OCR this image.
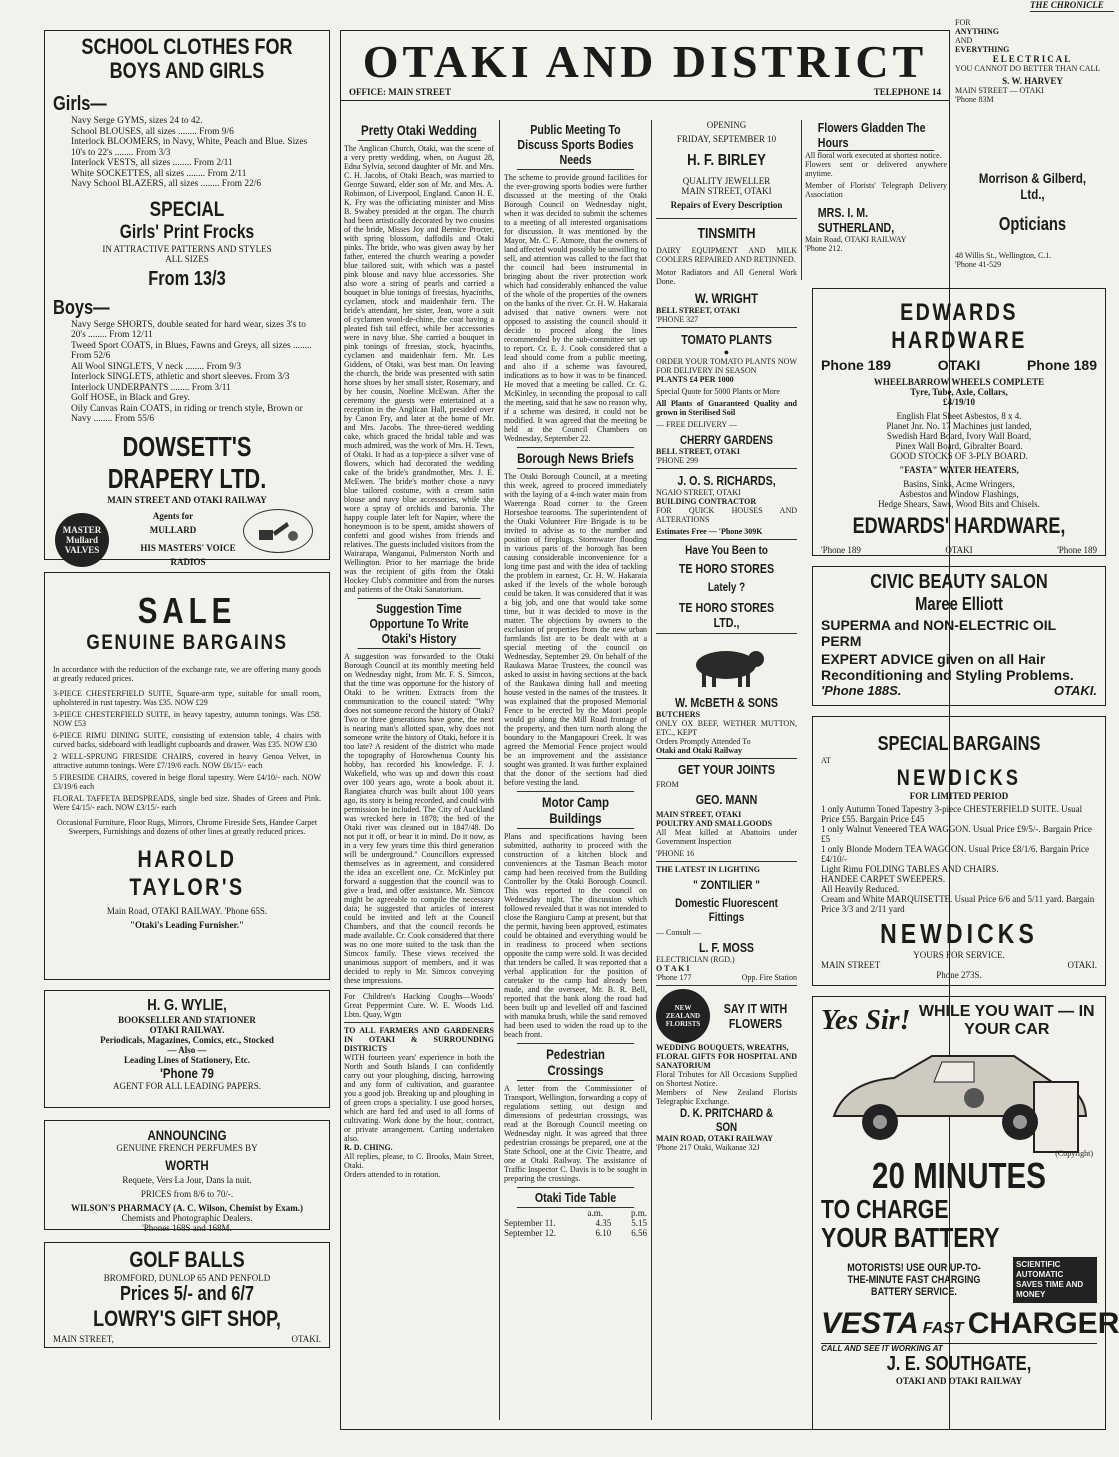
THE CHRONICLE
SCHOOL CLOTHES FOR BOYS AND GIRLS
Girls—
Navy Serge GYMS, sizes 24 to 42.
School BLOUSES, all sizes ........ From 9/6
Interlock BLOOMERS, in Navy, White, Peach and Blue. Sizes 10's to 22's ........ From 3/3
Interlock VESTS, all sizes ........ From 2/11
White SOCKETTES, all sizes ........ From 2/11
Navy School BLAZERS, all sizes ........ From 22/6
SPECIAL
Girls' Print Frocks
IN ATTRACTIVE PATTERNS AND STYLES
ALL SIZES
From 13/3
Boys—
Navy Serge SHORTS, double seated for hard wear, sizes 3's to 20's ........ From 12/11
Tweed Sport COATS, in Blues, Fawns and Greys, all sizes ........ From 52/6
All Wool SINGLETS, V neck ........ From 9/3
Interlock SINGLETS, athletic and short sleeves. From 3/3
Interlock UNDERPANTS ........ From 3/11
Golf HOSE, in Black and Grey.
Oily Canvas Rain COATS, in riding or trench style, Brown or Navy ........ From 55/6
DOWSETT'S DRAPERY LTD.
MAIN STREET AND OTAKI RAILWAY
MASTER Mullard VALVES
Agents for
MULLARD
HIS MASTERS' VOICE
RADIOS
SALE
GENUINE BARGAINS
In accordance with the reduction of the exchange rate, we are offering many goods at greatly reduced prices.
3-PIECE CHESTERFIELD SUITE, Square-arm type, suitable for small room, upholstered in rust tapestry. Was £35. NOW £29
3-PIECE CHESTERFIELD SUITE, in heavy tapestry, autumn tonings. Was £58. NOW £53
6-PIECE RIMU DINING SUITE, consisting of extension table, 4 chairs with curved backs, sideboard with leadlight cupboards and drawer. Was £35. NOW £30
2 WELL-SPRUNG FIRESIDE CHAIRS, covered in heavy Genoa Velvet, in attractive autumn tonings. Were £7/19/6 each. NOW £6/15/- each
5 FIRESIDE CHAIRS, covered in beige floral tapestry. Were £4/10/- each. NOW £3/19/6 each
FLORAL TAFFETA BEDSPREADS, single bed size. Shades of Green and Pink. Were £4/15/- each. NOW £3/15/- each
Occasional Furniture, Floor Rugs, Mirrors, Chrome Fireside Sets, Handee Carpet Sweepers, Furnishings and dozens of other lines at greatly reduced prices.
HAROLD TAYLOR'S
Main Road, OTAKI RAILWAY. 'Phone 65S.
"Otaki's Leading Furnisher."
H. G. WYLIE,
BOOKSELLER AND STATIONER
OTAKI RAILWAY.
Periodicals, Magazines, Comics, etc., Stocked
— Also —
Leading Lines of Stationery, Etc.
'Phone 79
AGENT FOR ALL LEADING PAPERS.
ANNOUNCING
GENUINE FRENCH PERFUMES BY
WORTH
Requete, Vers La Jour, Dans la nuit.
PRICES from 8/6 to 70/-.
WILSON'S PHARMACY (A. C. Wilson, Chemist by Exam.)
Chemists and Photographic Dealers.
'Phones 168S and 168M.
GOLF BALLS
BROMFORD, DUNLOP 65 AND PENFOLD
Prices 5/- and 6/7
LOWRY'S GIFT SHOP,
MAIN STREET,	OTAKI.
OTAKI AND DISTRICT
OFFICE: MAIN STREET	TELEPHONE 14
Pretty Otaki Wedding
The Anglican Church, Otaki, was the scene of a very pretty wedding, when, on August 28, Edna Sylvia, second daughter of Mr. and Mrs. C. H. Jacobs, of Otaki Beach, was married to George Suward, elder son of Mr. and Mrs. A. Robinson, of Liverpool, England. Canon H. E. K. Fry was the officiating minister and Miss B. Swabey presided at the organ. The church had been artistically decorated by two cousins of the bride, Misses Joy and Bernice Procter, with spring blossom, daffodils and Otaki pinks. The bride, who was given away by her father, entered the church wearing a powder blue tailored suit, with which was a pastel pink blouse and navy blue accessories. She also wore a string of pearls and carried a bouquet in blue tonings of freesias, hyacinths, cyclamen, stock and maidenhair fern. The bride's attendant, her sister, Jean, wore a suit of cyclamen wool-de-chine, the coat having a pleated fish tail effect, while her accessories were in navy blue. She carried a bouquet in pink tonings of freesias, stock, hyacinths, cyclamen and maidenhair fern. Mr. Les Giddens, of Otaki, was best man. On leaving the church, the bride was presented with satin horse shoes by her small sister, Rosemary, and by her cousin, Noeline McEwan. After the ceremony the guests were entertained at a reception in the Anglican Hall, presided over by Canon Fry, and later at the home of Mr. and Mrs. Jacobs. The three-tiered wedding cake, which graced the bridal table and was much admired, was the work of Mrs. H. Tews, of Otaki. It had as a top-piece a silver vase of flowers, which had decorated the wedding cake of the bride's grandmother, Mrs. J. E. McEwen. The bride's mother chose a navy blue tailored costume, with a cream satin blouse and navy blue accessories, while she wore a spray of orchids and baronia. The happy couple later left for Napier, where the honeymoon is to be spent, amidst showers of confetti and good wishes from friends and relatives. The guests included visitors from the Wairarapa, Wanganui, Palmerston North and Wellington. Prior to her marriage the bride was the recipient of gifts from the Otaki Hockey Club's committee and from the nurses and patients of the Otaki Sanatorium.
Suggestion Time Opportune To Write Otaki's History
A suggestion was forwarded to the Otaki Borough Council at its monthly meeting held on Wednesday night, from Mr. F. S. Simcox, that the time was opportune for the history of Otaki to be written. Extracts from the communication to the council stated: "Why does not someone record the history of Otaki? Two or three generations have gone, the next is nearing man's allotted span, why does not someone write the history of Otaki, before it is too late? A resident of the district who made the topography of Horowhenua County his hobby, has recorded his knowledge. F. J. Wakefield, who was up and down this coast over 100 years ago, wrote a book about it. Rangiatea church was built about 100 years ago, its story is being recorded, and could with permission be included. The City of Auckland was wrecked here in 1878; the bed of the Otaki river was cleaned out in 1847/48. Do not put it off, or bear it in mind. Do it now, as in a very few years time this third generation will be underground." Councillors expressed themselves as in agreement, and considered the idea an excellent one. Cr. McKinley put forward a suggestion that the council was to give a lead, and offer assistance. Mr. Simcox might be agreeable to compile the necessary data; he suggested that articles of interest could be invited and left at the Council Chambers, and that the council records be made available. Cr. Cook considered that there was no one more suited to the task than the Simcox family. These views received the unanimous support of members, and it was decided to reply to Mr. Simcox conveying these impressions.
For Children's Hacking Coughs—Woods' Great Peppermint Cure. W. E. Woods Ltd. Lbtn. Quay, Wgtn
TO ALL FARMERS AND GARDENERS IN OTAKI & SURROUNDING DISTRICTS
WITH fourteen years' experience in both the North and South Islands I can confidently carry out your ploughing, discing, harrowing and any form of cultivation, and guarantee you a good job. Breaking up and ploughing in of green crops a speciality. I use good horses, which are hard fed and used to all forms of cultivating. Work done by the hour, contract, or private arrangement. Carting undertaken also.
R. D. CHING.
All replies, please, to C. Brooks, Main Street, Otaki.
Orders attended to in rotation.
Public Meeting To Discuss Sports Bodies Needs
The scheme to provide ground facilities for the ever-growing sports bodies were further discussed at the meeting of the Otaki Borough Council on Wednesday night, when it was decided to submit the schemes to a meeting of all interested organisations for discussion. It was mentioned by the Mayor, Mr. C. F. Atmore, that the owners of land affected would possibly be unwilling to sell, and attention was called to the fact that the council had been instrumental in bringing about the river protection work which had considerably enhanced the value of the whole of the properties of the owners on the banks of the river. Cr. H. W. Hakaraia advised that native owners were not opposed to assisting the council should it decide to proceed along the lines recommended by the sub-committee set up to report. Cr. E. J. Cook considered that a lead should come from a public meeting, and also if a scheme was favoured, indications as to how it was to be financed. He moved that a meeting be called. Cr. G. McKinley, in seconding the proposal to call the meeting, said that he saw no reason why, if a scheme was desired, it could not be modified. It was agreed that the meeting be held at the Council Chambers on Wednesday, September 22.
Borough News Briefs
The Otaki Borough Council, at a meeting this week, agreed to proceed immediately with the laying of a 4-inch water main from Waerenga Road corner to the Green Horseshoe tearooms. The superintendent of the Otaki Volunteer Fire Brigade is to be invited to advise as to the number and position of fireplugs. Stormwater flooding in various parts of the borough has been causing considerable inconvenience for a long time past and with the idea of tackling the problem in earnest, Cr. H. W. Hakaraia asked if the levels of the whole borough could be taken. It was considered that it was a big job, and one that would take some time, but it was decided to move in the matter. The objections by owners to the exclusion of properties from the new urban farmlands list are to be dealt with at a special meeting of the council on Wednesday, September 29. On behalf of the Raukawa Marae Trustees, the council was asked to assist in having sections at the back of the Raukawa dining hall and meeting house vested in the names of the trustees. It was explained that the proposed Memorial Fence to be erected by the Maori people would go along the Mill Road frontage of the property, and then turn north along the boundary to the Mangapouri Creek. It was agreed the Memorial Fence project would be an improvement and the assistance sought was granted. It was further explained that the donor of the sections had died before vesting the land.
Motor Camp Buildings
Plans and specifications having been submitted, authority to proceed with the construction of a kitchen block and conveniences at the Tasman Beach motor camp had been received from the Building Controller by the Otaki Borough Council. This was reported to the council on Wednesday night. The discussion which followed revealed that it was not intended to close the Rangiuru Camp at present, but that the permit, having been approved, estimates could be obtained and everything would be in readiness to proceed when sections opposite the camp were sold. It was decided that tenders be called. It was reported that a verbal application for the position of caretaker to the camp had already been made, and the overseer, Mr. B. R. Bell, reported that the bank along the road had been built up and levelled off and fascined with manuka brush, while the sand removed had been used to widen the road up to the beach front.
Pedestrian Crossings
A letter from the Commissioner of Transport, Wellington, forwarding a copy of regulations setting out design and dimensions of pedestrian crossings, was read at the Borough Council meeting on Wednesday night. It was agreed that three pedestrian crossings be prepared, one at the State School, one at the Civic Theatre, and one at Otaki Railway. The assistance of Traffic Inspector C. Davis is to be sought in preparing the crossings.
Otaki Tide Table
a.m.	p.m.
September 11.	4.35 5.15
September 12.	6.10 6.56
OPENING
FRIDAY, SEPTEMBER 10
H. F. BIRLEY
QUALITY JEWELLER
MAIN STREET, OTAKI
Repairs of Every Description
TINSMITH
DAIRY EQUIPMENT AND MILK COOLERS REPAIRED AND RETINNED.
Motor Radiators and All General Work Done.
W. WRIGHT
BELL STREET, OTAKI
'PHONE 327
TOMATO PLANTS
●
ORDER YOUR TOMATO PLANTS NOW FOR DELIVERY IN SEASON
PLANTS £4 PER 1000
Special Quote for 5000 Plants or More
All Plants of Guaranteed Quality and grown in Sterilised Soil
— FREE DELIVERY —
CHERRY GARDENS
BELL STREET, OTAKI
'PHONE 299
J. O. S. RICHARDS,
NGAIO STREET, OTAKI
BUILDING CONTRACTOR
FOR QUICK HOUSES AND ALTERATIONS
Estimates Free — 'Phone 309K
Have You Been to
TE HORO STORES
Lately ?
TE HORO STORES LTD.,
W. McBETH & SONS
BUTCHERS
ONLY OX BEEF, WETHER MUTTON, ETC., KEPT
Orders Promptly Attended To
Otaki and Otaki Railway
GET YOUR JOINTS
FROM
GEO. MANN
MAIN STREET, OTAKI
POULTRY AND SMALLGOODS
All Meat killed at Abattoirs under Government Inspection
'PHONE 16
THE LATEST IN LIGHTING
" ZONTILIER "
Domestic Fluorescent Fittings
— Consult —
L. F. MOSS
ELECTRICIAN (RGD.)
O T A K I
'Phone 177	Opp. Fire Station
NEW ZEALAND FLORISTS
SAY IT WITH FLOWERS
WEDDING BOUQUETS, WREATHS,
FLORAL GIFTS FOR HOSPITAL AND SANATORIUM
Floral Tributes for All Occasions Supplied on Shortest Notice.
Members of New Zealand Florists Telegraphic Exchange.
D. K. PRITCHARD & SON
MAIN ROAD, OTAKI RAILWAY
'Phone 217 Otaki, Waikanae 32J
Flowers Gladden The Hours
All floral work executed at shortest notice.
Flowers sent or delivered anywhere anytime.
Member of Florists' Telegraph Delivery Association
MRS. I. M. SUTHERLAND,
Main Road, OTAKI RAILWAY
'Phone 212.
FOR
ANYTHING
AND
EVERYTHING
ELECTRICAL
YOU CANNOT DO BETTER THAN CALL
S. W. HARVEY
MAIN STREET — OTAKI
'Phone 83M
Morrison & Gilberd, Ltd.,
Opticians
48 Willis St., Wellington, C.1.
'Phone 41-529
EDWARDS HARDWARE
Phone 189	OTAKI	Phone 189
WHEELBARROW WHEELS COMPLETE
Tyre, Tube, Axle, Collars,
£4/19/10
English Flat Sheet Asbestos, 8 x 4.
Planet Jnr. No. 17 Machines just landed,
Swedish Hard Board, Ivory Wall Board,
Pinex Wall Board, Gibralter Board.
GOOD STOCKS OF 3-PLY BOARD.
"FASTA" WATER HEATERS,
Basins, Sinks, Acme Wringers,
Asbestos and Window Flashings,
Hedge Shears, Saws, Wood Bits and Chisels.
EDWARDS' HARDWARE,
'Phone 189	OTAKI	'Phone 189
CIVIC BEAUTY SALON
Maree Elliott
SUPERMA and NON-ELECTRIC OIL PERM
EXPERT ADVICE given on all Hair Reconditioning and Styling Problems.
'Phone 188S.	OTAKI.
SPECIAL BARGAINS
AT
NEWDICKS
FOR LIMITED PERIOD
1 only Autumn Toned Tapestry 3-piece CHESTERFIELD SUITE. Usual Price £55. Bargain Price £45
1 only Walnut Veneered TEA WAGGON. Usual Price £9/5/-. Bargain Price £5
1 only Blonde Modern TEA WAGGON. Usual Price £8/1/6. Bargain Price £4/10/-
Light Rimu FOLDING TABLES AND CHAIRS.
HANDEE CARPET SWEEPERS.
All Heavily Reduced.
Cream and White MARQUISETTE. Usual Price 6/6 and 5/11 yard. Bargain Price 3/3 and 2/11 yard
NEWDICKS
YOURS FOR SERVICE.
MAIN STREET	OTAKI.
Phone 273S.
Yes Sir! WHILE YOU WAIT — IN YOUR CAR
20 MINUTES
TO CHARGE
YOUR BATTERY
MOTORISTS! USE OUR UP-TO-THE-MINUTE FAST CHARGING BATTERY SERVICE.
SCIENTIFIC
AUTOMATIC
SAVES TIME AND MONEY
VESTA FAST CHARGER
CALL AND SEE IT WORKING AT
J. E. SOUTHGATE,
OTAKI AND OTAKI RAILWAY
(Copyright)
